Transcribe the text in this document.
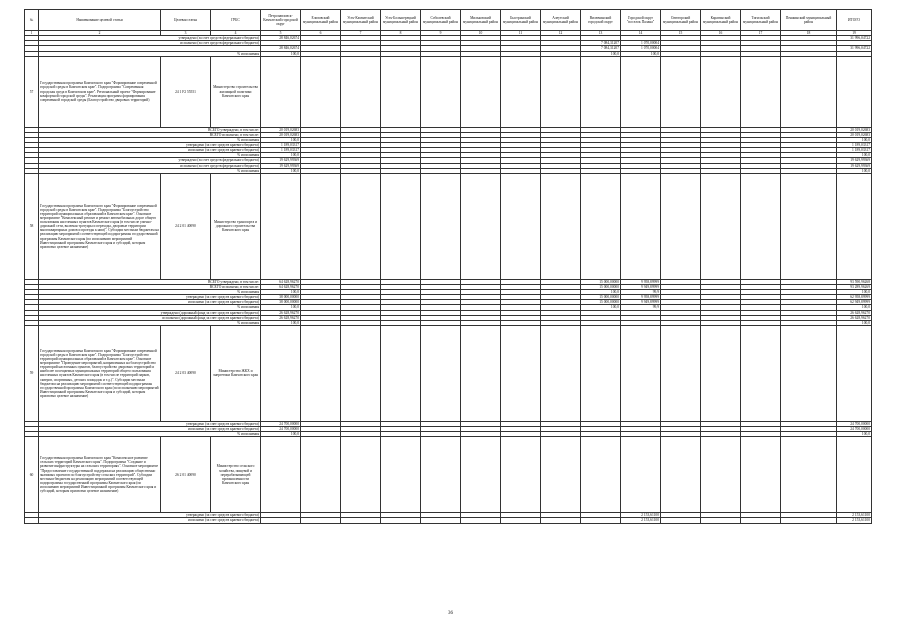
№	Наименование целевой статьи	Целевая статья	ГРБС	Петропавловск-Камчатский городской округ	Елизовский муниципальный район	Усть-Камчатский муниципальный район	Усть-Большерецкий муниципальный район	Соболевский муниципальный район	Мильковский муниципальный район	Быстринский муниципальный район	Алеутский муниципальный район	Вилючинский городской округ	Городской округ "поселок Палана"	Олюторский муниципальный район	Карагинский муниципальный район	Тигильский муниципальный район	Пенжинский муниципальный район	ИТОГО
1	2	3	4	5	6	7	8	9	10	11	12	13	14	15	16	17	18	19
	утверждено (за счет средств федерального бюджета)			28 846,02674														31 996,04722
	исполнено (за счет средств федерального бюджета)											7 084,31207	1 070,00004					
				28 846,02674								7 084,31207	1 070,00004					31 996,04722
	% исполнения			100,0								100,0	100,0					
57	Государственная программа Камчатского края "Формирование современной городской среды в Камчатском крае". Подпрограмма "Современная городская среда в Камчатском крае". Региональный проект "Формирование комфортной городской среды". Реализация программ формирования современной городской среды (Благоустройство дворовых территорий)	24 1 F2 55551	Министерство строительства жилищной политики Камчатского края															
	ВСЕГО утверждено, в том числе:			20 019,02683														20 019,02683
	ВСЕГО исполнено, в том числе:			20 019,02683														20 019,02683
	% исполнения			100,0														100,0
	утверждено (за счет средств краевого бюджета)			1 189,03317														1 189,03317
	исполнено (за счет средств краевого бюджета)			1 189,03317														1 189,03317
	% исполнения			100,0														100,0
	утверждено (за счет средств федерального бюджета)			19 629,99369														19 629,99369
	исполнено (за счет средств федерального бюджета)			19 629,99369														19 629,99369
	% исполнения			100,0														100,0
58	Государственная программа Камчатского края "Формирование современной городской среды в Камчатском крае". Подпрограмма "Благоустройство территорий муниципальных образований в Камчатском крае". Основное мероприятие "Комплексный ремонт и ремонт автомобильных дорог общего пользования населенных пунктов Камчатского края (в том числе улично-дорожной сети, включая тротуары и переходы, дворовые территории многоквартирных домов и проезды к ним)". Субсидии местным бюджетам на реализацию мероприятий соответствующей подпрограммы государственной программы Камчатского края (по исполнению мероприятий Инвестиционной программы Камчатского края и субсидий, которым присвоено целевое назначение)	24 2 01 40090	Министерство транспорта и дорожного строительства Камчатского края															
	ВСЕГО утверждено, в том числе:			64 628,96270								15 000,00000	9 958,89999					93 590,96268
	ВСЕГО исполнено, в том числе:			64 628,96270								15 000,00000	9 949,89999					93 289,96269
	% исполнения			100,0								100,0	99,9					100,0
	утверждено (за счет средств краевого бюджета)			38 000,00000								15 000,00000	9 958,89999					62 958,89999
	исполнено (за счет средств краевого бюджета)			38 000,00000								15 000,00000	9 949,89999					62 949,89999
	% исполнения			100,0								100,0	99,9					100,0
	утверждено (дорожный фонд за счет средств краевого бюджета)			26 628,96270														26 628,96270
	исполнено (дорожный фонд за счет средств краевого бюджета)			26 628,96270														26 628,96270
	% исполнения			100,0														100,0
59	Государственная программа Камчатского края "Формирование современной городской среды в Камчатском крае". Подпрограмма "Благоустройство территорий муниципальных образований в Камчатском крае". Основное мероприятие "Проведение мероприятий, направленных на благоустройство территорий населенных пунктов, благоустройство дворовых территорий и наиболее посещаемых муниципальных территорий общего пользования населенных пунктов Камчатского края (в том числе территорий парков, скверов, спортивных, детских площадок и т.д.)". Субсидии местным бюджетам на реализацию мероприятий соответствующей подпрограммы государственной программы Камчатского края (по исполнению мероприятий Инвестиционной программы Камчатского края и субсидий, которым присвоено целевое назначение)	24 2 03 40090	Министерство ЖКХ и энергетики Камчатского края															
	утверждено (за счет средств краевого бюджета)			24 700,00000														24 700,00000
	исполнено (за счет средств краевого бюджета)			24 700,00000														24 700,00000
	% исполнения			100,0														100,0
60	Государственная программа Камчатского края "Комплексное развитие сельских территорий Камчатского края". Подпрограмма "Создание и развитие инфраструктуры на сельских территориях". Основное мероприятие "Предоставление государственной поддержки на реализацию общественно значимых проектов по благоустройству сельских территорий". Субсидии местным бюджетам на реализацию мероприятий соответствующей подпрограммы государственной программы Камчатского края (по исполнению мероприятий Инвестиционной программы Камчатского края и субсидий, которым присвоено целевое назначение)	26 2 01 40090	Министерство сельского хозяйства, пищевой и перерабатывающей промышленности Камчатского края															
	утверждено (за счет средств краевого бюджета)												2 153,61100					2 153,61100
	исполнено (за счет средств краевого бюджета)												2 153,61100					2 153,61100
36
